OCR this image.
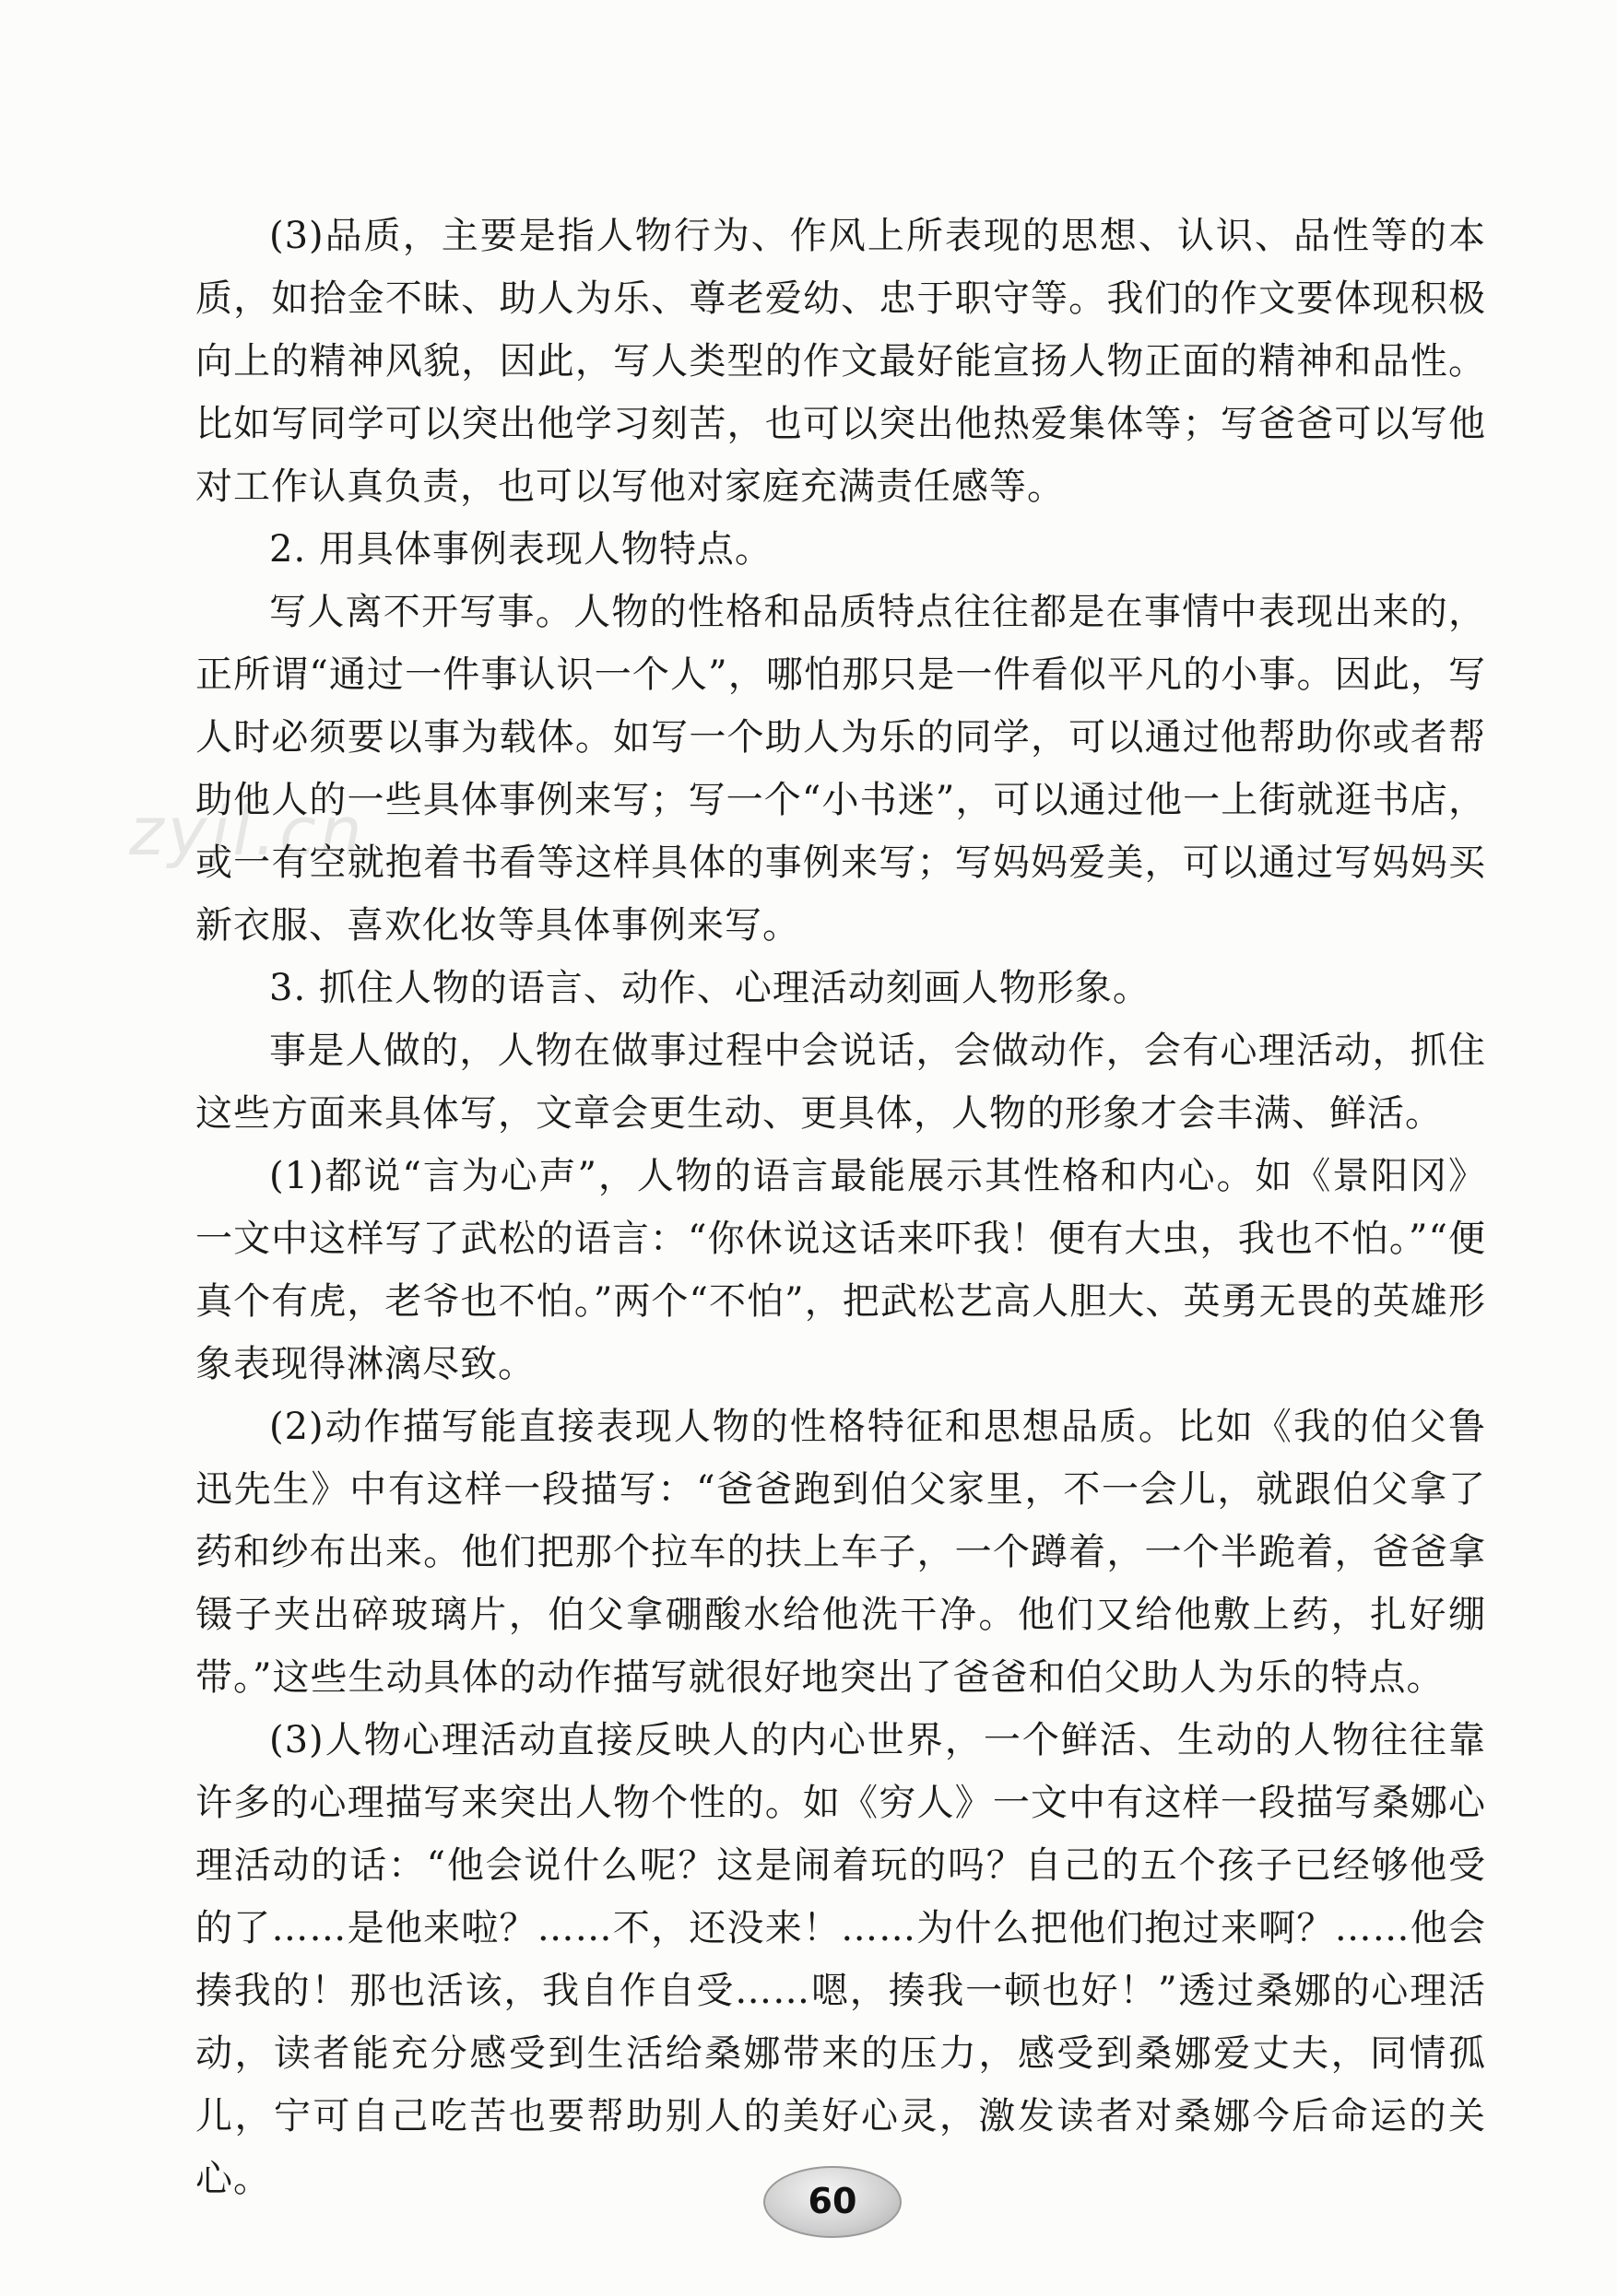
zyjl.cn

(3)品质，主要是指人物行为、作风上所表现的思想、认识、品性等的本质，如拾金不昧、助人为乐、尊老爱幼、忠于职守等。我们的作文要体现积极向上的精神风貌，因此，写人类型的作文最好能宣扬人物正面的精神和品性。比如写同学可以突出他学习刻苦，也可以突出他热爱集体等；写爸爸可以写他对工作认真负责，也可以写他对家庭充满责任感等。

2. 用具体事例表现人物特点。

写人离不开写事。人物的性格和品质特点往往都是在事情中表现出来的，正所谓“通过一件事认识一个人”，哪怕那只是一件看似平凡的小事。因此，写人时必须要以事为载体。如写一个助人为乐的同学，可以通过他帮助你或者帮助他人的一些具体事例来写；写一个“小书迷”，可以通过他一上街就逛书店，或一有空就抱着书看等这样具体的事例来写；写妈妈爱美，可以通过写妈妈买新衣服、喜欢化妆等具体事例来写。

3. 抓住人物的语言、动作、心理活动刻画人物形象。

事是人做的，人物在做事过程中会说话，会做动作，会有心理活动，抓住这些方面来具体写，文章会更生动、更具体，人物的形象才会丰满、鲜活。

(1)都说“言为心声”，人物的语言最能展示其性格和内心。如《景阳冈》一文中这样写了武松的语言：“你休说这话来吓我！便有大虫，我也不怕。”“便真个有虎，老爷也不怕。”两个“不怕”，把武松艺高人胆大、英勇无畏的英雄形象表现得淋漓尽致。

(2)动作描写能直接表现人物的性格特征和思想品质。比如《我的伯父鲁迅先生》中有这样一段描写：“爸爸跑到伯父家里，不一会儿，就跟伯父拿了药和纱布出来。他们把那个拉车的扶上车子，一个蹲着，一个半跪着，爸爸拿镊子夹出碎玻璃片，伯父拿硼酸水给他洗干净。他们又给他敷上药，扎好绷带。”这些生动具体的动作描写就很好地突出了爸爸和伯父助人为乐的特点。

(3)人物心理活动直接反映人的内心世界，一个鲜活、生动的人物往往靠许多的心理描写来突出人物个性的。如《穷人》一文中有这样一段描写桑娜心理活动的话：“他会说什么呢？这是闹着玩的吗？自己的五个孩子已经够他受的了……是他来啦？……不，还没来！……为什么把他们抱过来啊？……他会揍我的！那也活该，我自作自受……嗯，揍我一顿也好！”透过桑娜的心理活动，读者能充分感受到生活给桑娜带来的压力，感受到桑娜爱丈夫，同情孤儿，宁可自己吃苦也要帮助别人的美好心灵，激发读者对桑娜今后命运的关心。

60
